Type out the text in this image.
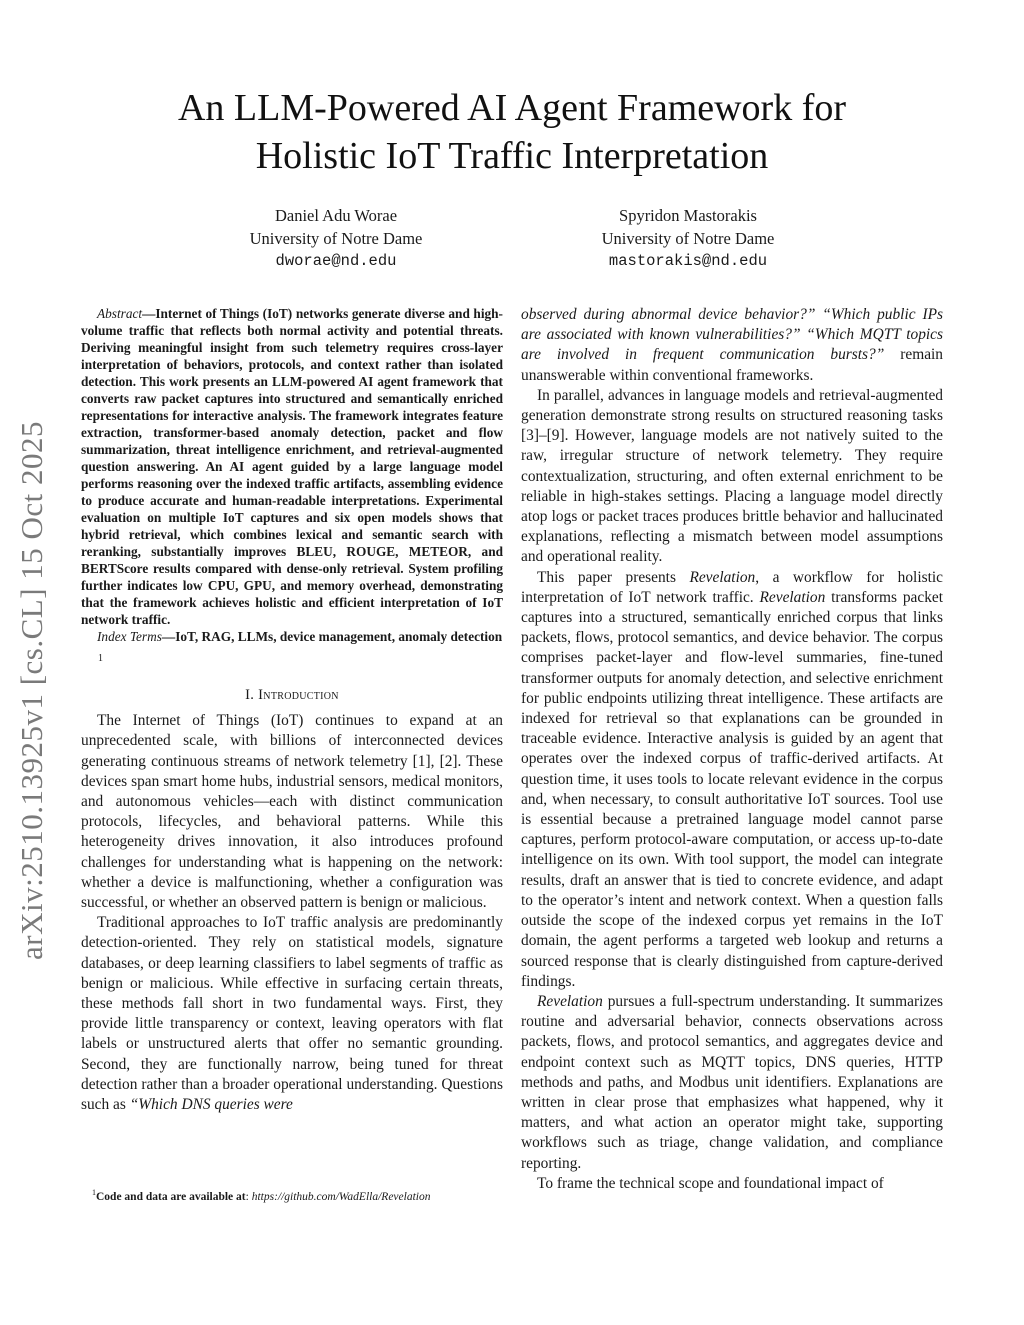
arXiv:2510.13925v1 [cs.CL] 15 Oct 2025
An LLM-Powered AI Agent Framework for
Holistic IoT Traffic Interpretation
Daniel Adu Worae
University of Notre Dame
dworae@nd.edu
Spyridon Mastorakis
University of Notre Dame
mastorakis@nd.edu

Abstract—Internet of Things (IoT) networks generate diverse and high-volume traffic that reflects both normal activity and potential threats. Deriving meaningful insight from such telemetry requires cross-layer interpretation of behaviors, protocols, and context rather than isolated detection. This work presents an LLM-powered AI agent framework that converts raw packet captures into structured and semantically enriched representations for interactive analysis. The framework integrates feature extraction, transformer-based anomaly detection, packet and flow summarization, threat intelligence enrichment, and retrieval-augmented question answering. An AI agent guided by a large language model performs reasoning over the indexed traffic artifacts, assembling evidence to produce accurate and human-readable interpretations. Experimental evaluation on multiple IoT captures and six open models shows that hybrid retrieval, which combines lexical and semantic search with reranking, substantially improves BLEU, ROUGE, METEOR, and BERTScore results compared with dense-only retrieval. System profiling further indicates low CPU, GPU, and memory overhead, demonstrating that the framework achieves holistic and efficient interpretation of IoT network traffic.

Index Terms—IoT, RAG, LLMs, device management, anomaly detection

1
I. Introduction

The Internet of Things (IoT) continues to expand at an unprecedented scale, with billions of interconnected devices generating continuous streams of network telemetry [1], [2]. These devices span smart home hubs, industrial sensors, medical monitors, and autonomous vehicles—each with distinct communication protocols, lifecycles, and behavioral patterns. While this heterogeneity drives innovation, it also introduces profound challenges for understanding what is happening on the network: whether a device is malfunctioning, whether a configuration was successful, or whether an observed pattern is benign or malicious.

Traditional approaches to IoT traffic analysis are predominantly detection-oriented. They rely on statistical models, signature databases, or deep learning classifiers to label segments of traffic as benign or malicious. While effective in surfacing certain threats, these methods fall short in two fundamental ways. First, they provide little transparency or context, leaving operators with flat labels or unstructured alerts that offer no semantic grounding. Second, they are functionally narrow, being tuned for threat detection rather than a broader operational understanding. Questions such as “Which DNS queries were

observed during abnormal device behavior?” “Which public IPs are associated with known vulnerabilities?” “Which MQTT topics are involved in frequent communication bursts?” remain unanswerable within conventional frameworks.

In parallel, advances in language models and retrieval-augmented generation demonstrate strong results on structured reasoning tasks [3]–[9]. However, language models are not natively suited to the raw, irregular structure of network telemetry. They require contextualization, structuring, and often external enrichment to be reliable in high-stakes settings. Placing a language model directly atop logs or packet traces produces brittle behavior and hallucinated explanations, reflecting a mismatch between model assumptions and operational reality.

This paper presents Revelation, a workflow for holistic interpretation of IoT network traffic. Revelation transforms packet captures into a structured, semantically enriched corpus that links packets, flows, protocol semantics, and device behavior. The corpus comprises packet-layer and flow-level summaries, fine-tuned transformer outputs for anomaly detection, and selective enrichment for public endpoints utilizing threat intelligence. These artifacts are indexed for retrieval so that explanations can be grounded in traceable evidence. Interactive analysis is guided by an agent that operates over the indexed corpus of traffic-derived artifacts. At question time, it uses tools to locate relevant evidence in the corpus and, when necessary, to consult authoritative IoT sources. Tool use is essential because a pretrained language model cannot parse captures, perform protocol-aware computation, or access up-to-date intelligence on its own. With tool support, the model can integrate results, draft an answer that is tied to concrete evidence, and adapt to the operator’s intent and network context. When a question falls outside the scope of the indexed corpus yet remains in the IoT domain, the agent performs a targeted web lookup and returns a sourced response that is clearly distinguished from capture-derived findings.

Revelation pursues a full-spectrum understanding. It summarizes routine and adversarial behavior, connects observations across packets, flows, and protocol semantics, and aggregates device and endpoint context such as MQTT topics, DNS queries, HTTP methods and paths, and Modbus unit identifiers. Explanations are written in clear prose that emphasizes what happened, why it matters, and what action an operator might take, supporting workflows such as triage, change validation, and compliance reporting.

To frame the technical scope and foundational impact of

$^1$Code and data are available at: https://github.com/WadElla/Revelation
